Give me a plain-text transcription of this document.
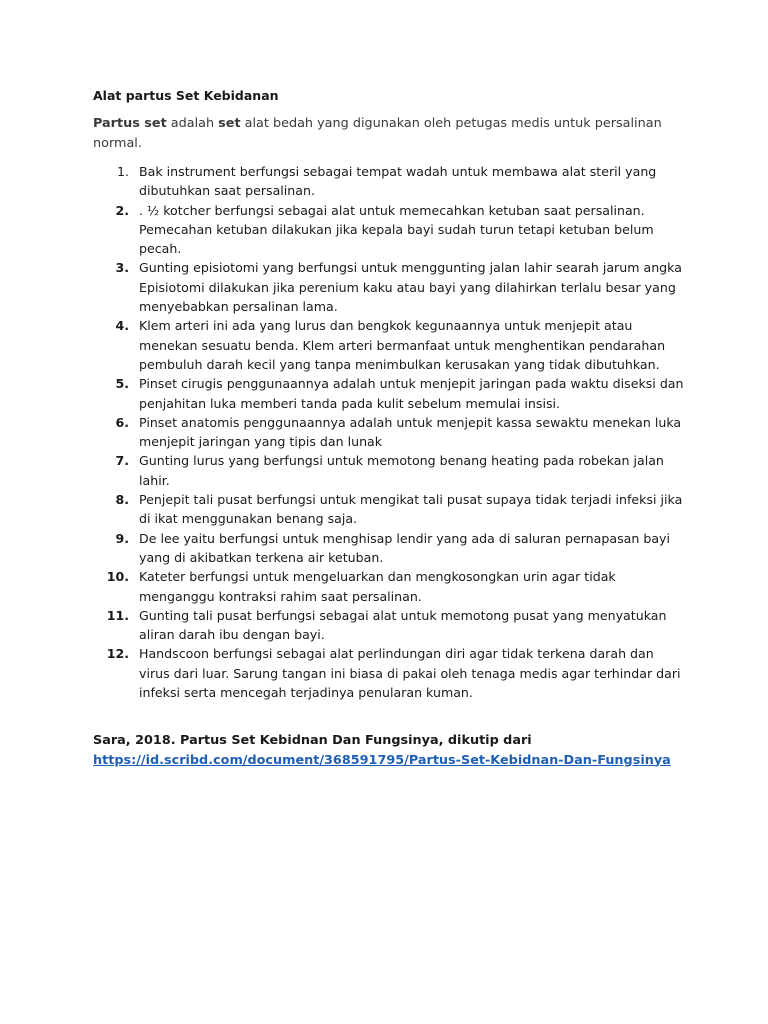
Alat partus Set Kebidanan
Partus set adalah set alat bedah yang digunakan oleh petugas medis untuk persalinan normal.
1. Bak instrument berfungsi sebagai tempat wadah untuk membawa alat steril yang dibutuhkan saat persalinan.
2. . ½ kotcher berfungsi sebagai alat untuk memecahkan ketuban saat persalinan. Pemecahan ketuban dilakukan jika kepala bayi sudah turun tetapi ketuban belum pecah.
3. Gunting episiotomi yang berfungsi untuk menggunting jalan lahir searah jarum angka Episiotomi dilakukan jika perenium kaku atau bayi yang dilahirkan terlalu besar yang menyebabkan persalinan lama.
4. Klem arteri ini ada yang lurus dan bengkok kegunaannya untuk menjepit atau menekan sesuatu benda. Klem arteri bermanfaat untuk menghentikan pendarahan pembuluh darah kecil yang tanpa menimbulkan kerusakan yang tidak dibutuhkan.
5. Pinset cirugis penggunaannya adalah untuk menjepit jaringan pada waktu diseksi dan penjahitan luka memberi tanda pada kulit sebelum memulai insisi.
6. Pinset anatomis penggunaannya adalah untuk menjepit kassa sewaktu menekan luka menjepit jaringan yang tipis dan lunak
7. Gunting lurus yang berfungsi untuk memotong benang heating pada robekan jalan lahir.
8. Penjepit tali pusat berfungsi untuk mengikat tali pusat supaya tidak terjadi infeksi jika di ikat menggunakan benang saja.
9. De lee yaitu berfungsi untuk menghisap lendir yang ada di saluran pernapasan bayi yang di akibatkan terkena air ketuban.
10. Kateter berfungsi untuk mengeluarkan dan mengkosongkan urin agar tidak menganggu kontraksi rahim saat persalinan.
11. Gunting tali pusat berfungsi sebagai alat untuk memotong pusat yang menyatukan aliran darah ibu dengan bayi.
12. Handscoon berfungsi sebagai alat perlindungan diri agar tidak terkena darah dan virus dari luar. Sarung tangan ini biasa di pakai oleh tenaga medis agar terhindar dari infeksi serta mencegah terjadinya penularan kuman.
Sara, 2018. Partus Set Kebidnan Dan Fungsinya, dikutip dari
https://id.scribd.com/document/368591795/Partus-Set-Kebidnan-Dan-Fungsinya
